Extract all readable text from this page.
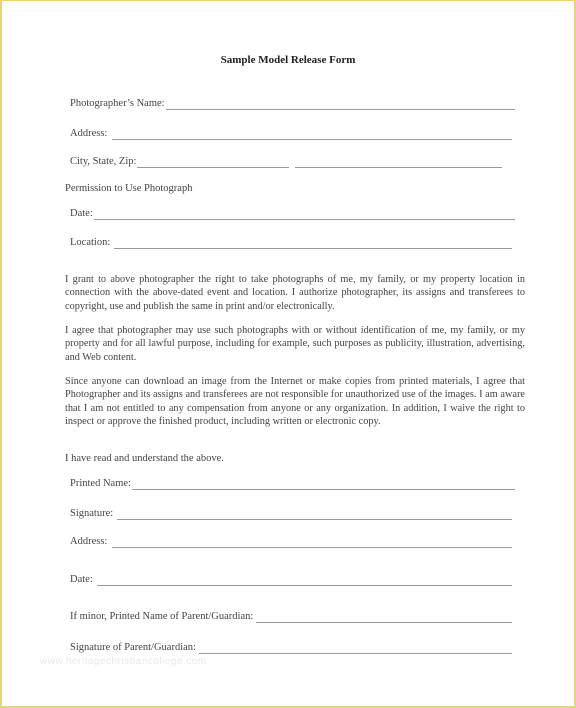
Sample Model Release Form
Photographer’s Name:
Address:
City, State, Zip:
Permission to Use Photograph
Date:
Location:
I grant to above photographer the right to take photographs of me, my family, or my property location in connection with the above-dated event and location. I authorize photographer, its assigns and transferees to copyright, use and publish the same in print and/or electronically.
I agree that photographer may use such photographs with or without identification of me, my family, or my property and for all lawful purpose, including for example, such purposes as publicity, illustration, advertising, and Web content.
Since anyone can download an image from the Internet or make copies from printed materials, I agree that Photographer and its assigns and transferees are not responsible for unauthorized use of the images. I am aware that I am not entitled to any compensation from anyone or any organization. In addition, I waive the right to inspect or approve the finished product, including written or electronic copy.
I have read and understand the above.
Printed Name:
Signature:
Address:
Date:
If minor, Printed Name of Parent/Guardian:
Signature of Parent/Guardian:
www.heritagechristiancollege.com
